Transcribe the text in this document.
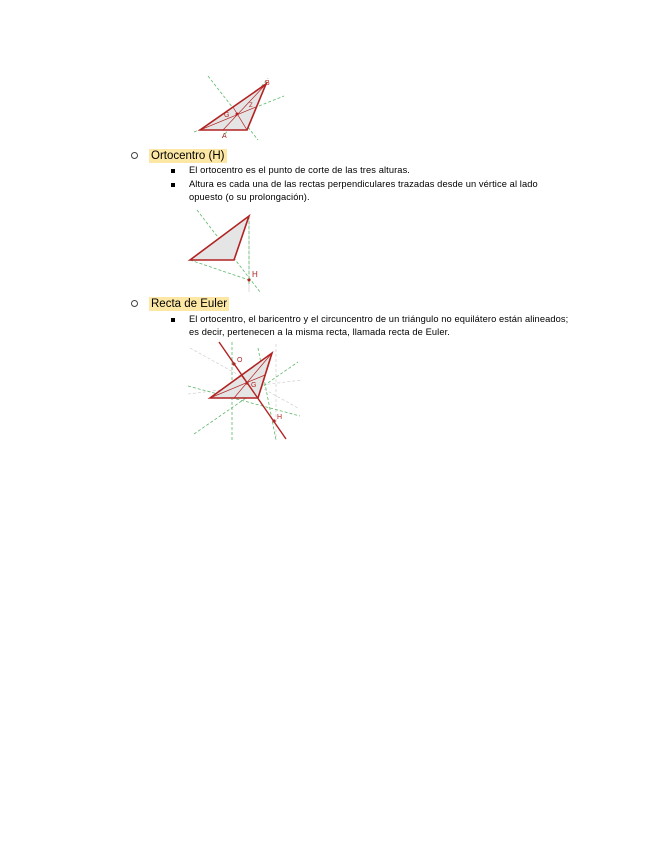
B
A
G
Z
Ortocentro (H)
El ortocentro es el punto de corte de las tres alturas.
Altura es cada una de las rectas perpendiculares trazadas desde un vértice al lado opuesto (o su prolongación).
H
Recta de Euler
El ortocentro, el baricentro y el circuncentro de un triángulo no equilátero están alineados; es decir, pertenecen a la misma recta, llamada recta de Euler.
O
G
H
